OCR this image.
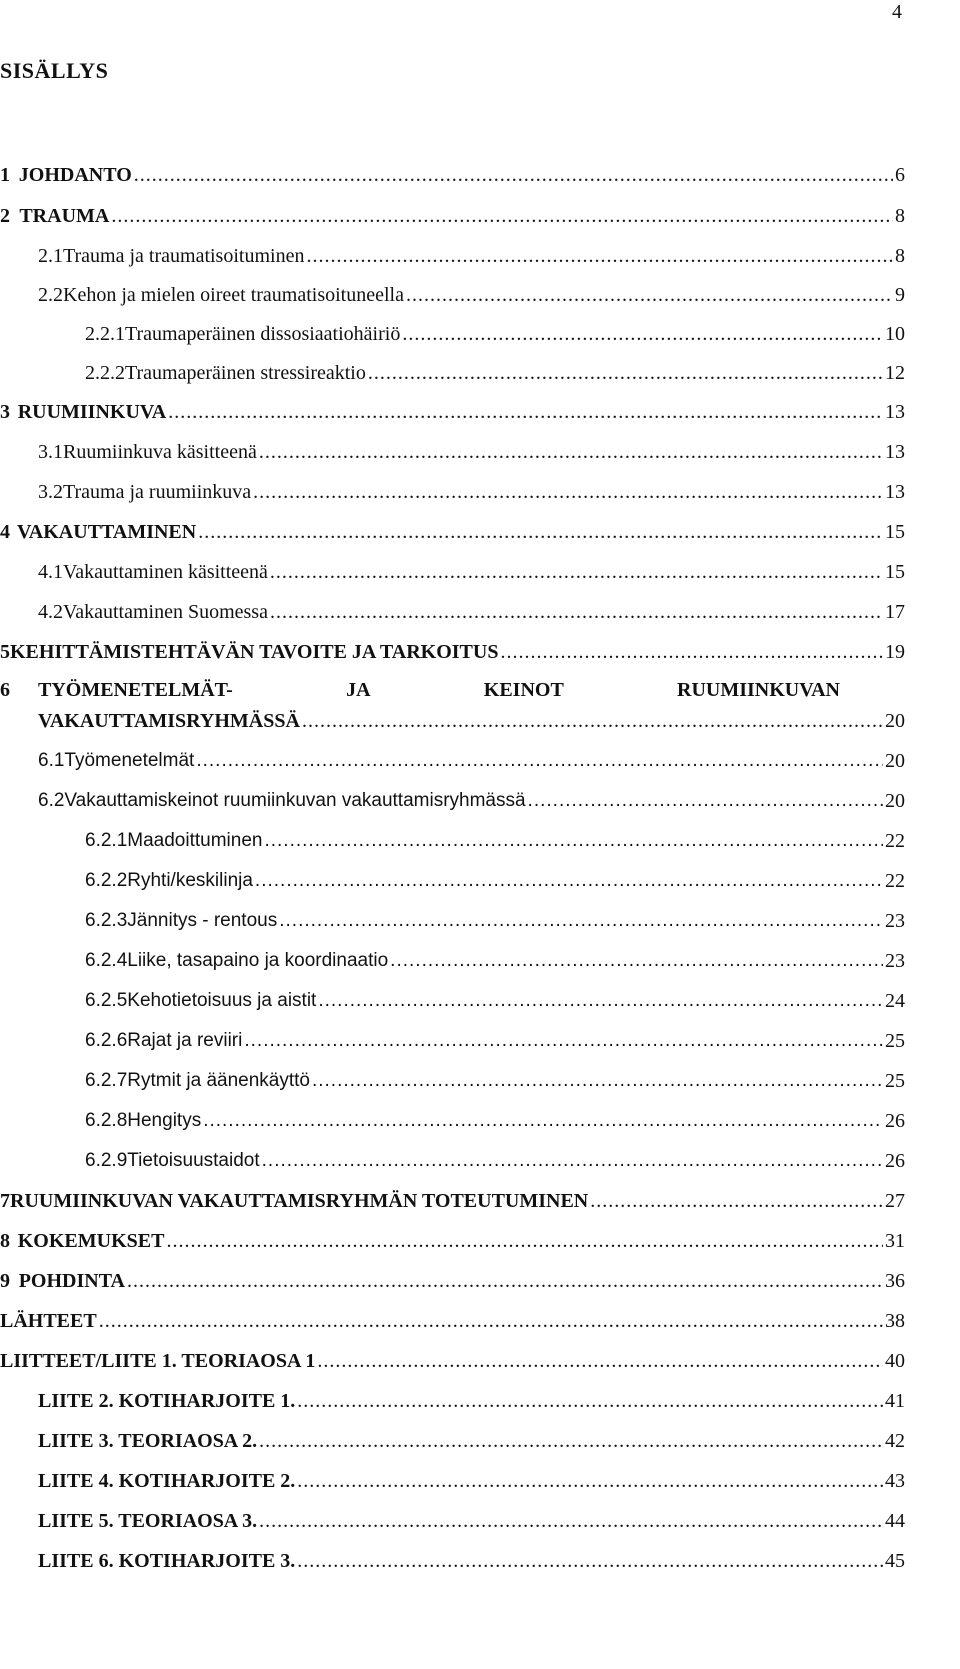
4
SISÄLLYS
1 JOHDANTO .....	6
2 TRAUMA .....	8
2.1 Trauma ja traumatisoituminen .....	8
2.2 Kehon ja mielen oireet traumatisoituneella .....	9
2.2.1 Traumaperäinen dissosiaatiohäiriö .....	10
2.2.2 Traumaperäinen stressireaktio .....	12
3 RUUMIINKUVA .....	13
3.1 Ruumiinkuva käsitteenä .....	13
3.2 Trauma ja ruumiinkuva .....	13
4 VAKAUTTAMINEN .....	15
4.1 Vakauttaminen käsitteenä .....	15
4.2 Vakauttaminen Suomessa .....	17
5 KEHITTÄMISTEHTÄVÄN TAVOITE JA TARKOITUS .....	19
6	TYÖMENETELMÄT-	JA	KEINOT	RUUMIINKUVAN
VAKAUTTAMISRYHMÄSSÄ .....	20
6.1 Työmenetelmät .....	20
6.2 Vakauttamiskeinot ruumiinkuvan vakauttamisryhmässä .....	20
6.2.1 Maadoittuminen .....	22
6.2.2 Ryhti/keskilinja .....	22
6.2.3 Jännitys - rentous .....	23
6.2.4 Liike, tasapaino ja koordinaatio .....	23
6.2.5 Kehotietoisuus ja aistit .....	24
6.2.6 Rajat ja reviiri .....	25
6.2.7 Rytmit ja äänenkäyttö .....	25
6.2.8 Hengitys .....	26
6.2.9 Tietoisuustaidot .....	26
7 RUUMIINKUVAN VAKAUTTAMISRYHMÄN TOTEUTUMINEN .....	27
8 KOKEMUKSET .....	31
9 POHDINTA .....	36
LÄHTEET .....	38
LIITTEET/LIITE 1. TEORIAOSA 1 .....	40
LIITE 2. KOTIHARJOITE 1. .....	41
LIITE 3. TEORIAOSA 2. .....	42
LIITE 4. KOTIHARJOITE 2. .....	43
LIITE 5. TEORIAOSA 3. .....	44
LIITE 6. KOTIHARJOITE 3. .....	45
